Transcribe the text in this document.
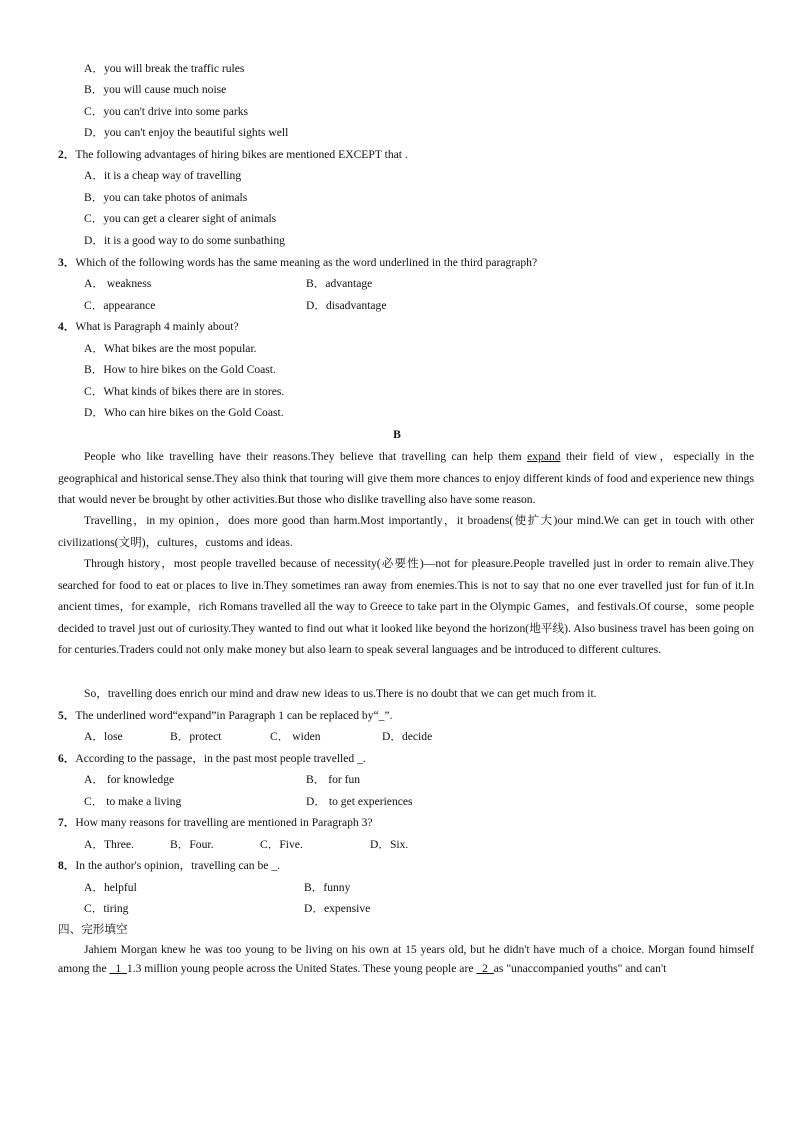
A．you will break the traffic rules
B．you will cause much noise
C．you can't drive into some parks
D．you can't enjoy the beautiful sights well
2．The following advantages of hiring bikes are mentioned EXCEPT that .
A．it is a cheap way of travelling
B．you can take photos of animals
C．you can get a clearer sight of animals
D．it is a good way to do some sunbathing
3．Which of the following words has the same meaning as the word underlined in the third paragraph?
A． weakness	B．advantage
C．appearance	D．disadvantage
4．What is Paragraph 4 mainly about?
A．What bikes are the most popular.
B．How to hire bikes on the Gold Coast.
C．What kinds of bikes there are in stores.
D．Who can hire bikes on the Gold Coast.
B
People who like travelling have their reasons.They believe that travelling can help them expand their field of view，especially in the geographical and historical sense.They also think that touring will give them more chances to enjoy different kinds of food and experience new things that would never be brought by other activities.But those who dislike travelling also have some reason.
Travelling，in my opinion，does more good than harm.Most importantly，it broadens(使扩大)our mind.We can get in touch with other civilizations(文明)，cultures，customs and ideas.
Through history，most people travelled because of necessity(必要性)—not for pleasure.People travelled just in order to remain alive.They searched for food to eat or places to live in.They sometimes ran away from enemies.This is not to say that no one ever travelled just for fun of it.In ancient times，for example，rich Romans travelled all the way to Greece to take part in the Olympic Games，and festivals.Of course，some people decided to travel just out of curiosity.They wanted to find out what it looked like beyond the horizon(地平线). Also business travel has been going on for centuries.Traders could not only make money but also learn to speak several languages and be introduced to different cultures.
So，travelling does enrich our mind and draw new ideas to us.There is no doubt that we can get much from it.
5．The underlined word“expand”in Paragraph 1 can be replaced by“_”.
A．lose	B．protect	C． widen	D．decide
6．According to the passage，in the past most people travelled _.
A． for knowledge	B． for fun
C． to make a living	D． to get experiences
7．How many reasons for travelling are mentioned in Paragraph 3?
A．Three.	B．Four.	C．Five.	D．Six.
8．In the author's opinion，travelling can be _.
A．helpful	B．funny
C．tiring	D．expensive
四、完形填空
Jahiem Morgan knew he was too young to be living on his own at 15 years old, but he didn't have much of a choice. Morgan found himself among the _1_1.3 million young people across the United States. These young people are _2_as "unaccompanied youths" and can't
